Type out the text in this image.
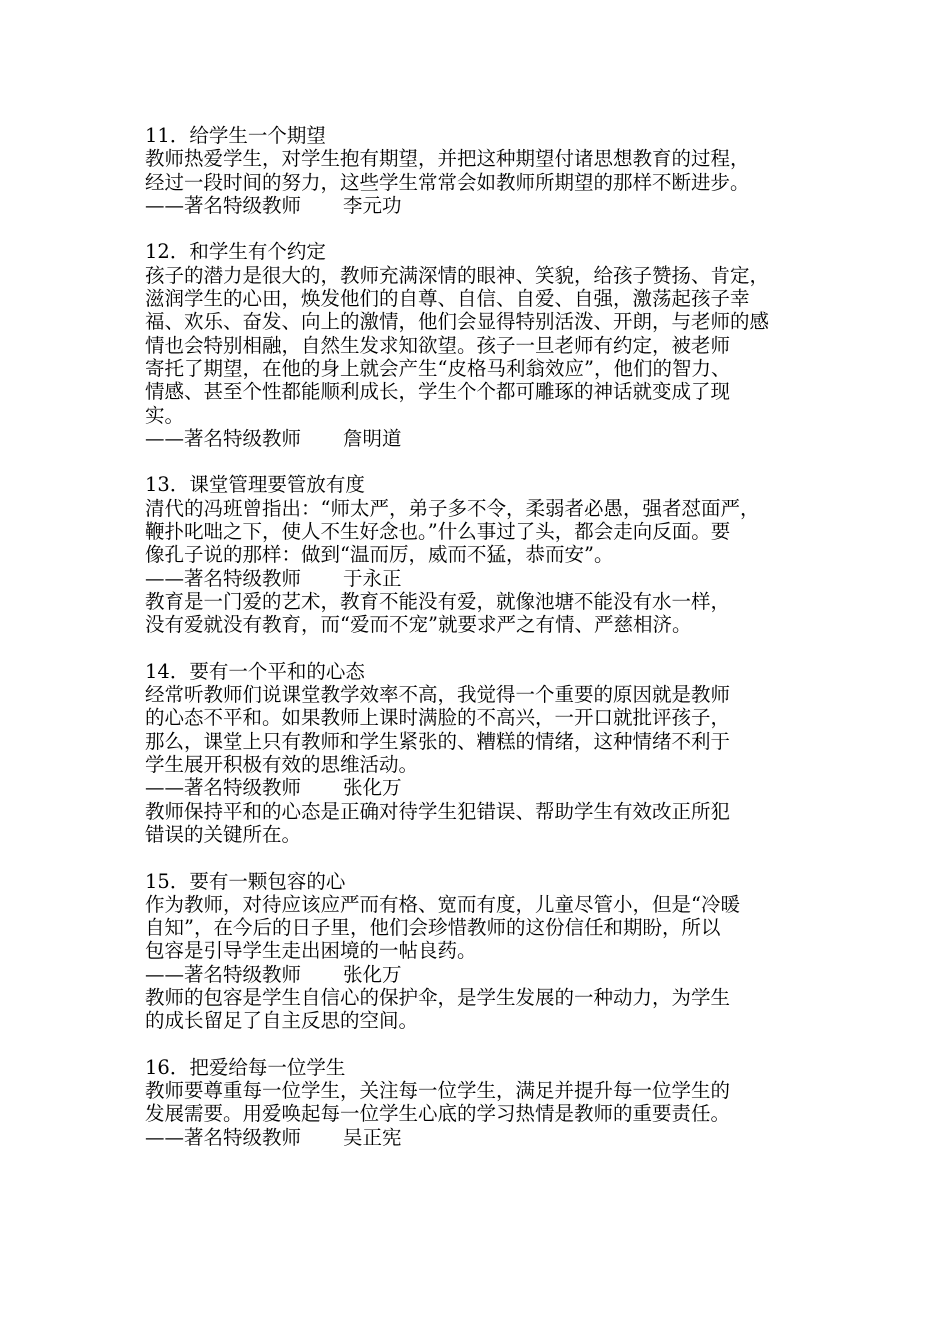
11．给学生一个期望
教师热爱学生，对学生抱有期望，并把这种期望付诸思想教育的过程，
经过一段时间的努力，这些学生常常会如教师所期望的那样不断进步。
——著名特级教师 李元功
12．和学生有个约定
孩子的潜力是很大的，教师充满深情的眼神、笑貌，给孩子赞扬、肯定，
滋润学生的心田，焕发他们的自尊、自信、自爱、自强，激荡起孩子幸
福、欢乐、奋发、向上的激情，他们会显得特别活泼、开朗，与老师的感
情也会特别相融，自然生发求知欲望。孩子一旦老师有约定，被老师
寄托了期望，在他的身上就会产生“皮格马利翁效应”，他们的智力、
情感、甚至个性都能顺利成长，学生个个都可雕琢的神话就变成了现
实。
——著名特级教师 詹明道
13．课堂管理要管放有度
清代的冯班曾指出：“师太严，弟子多不令，柔弱者必愚，强者怼面严，
鞭扑叱咄之下，使人不生好念也。”什么事过了头，都会走向反面。要
像孔子说的那样：做到“温而厉，威而不猛，恭而安”。
——著名特级教师 于永正
教育是一门爱的艺术，教育不能没有爱，就像池塘不能没有水一样，
没有爱就没有教育，而“爱而不宠”就要求严之有情、严慈相济。
14．要有一个平和的心态
经常听教师们说课堂教学效率不高，我觉得一个重要的原因就是教师
的心态不平和。如果教师上课时满脸的不高兴，一开口就批评孩子，
那么，课堂上只有教师和学生紧张的、糟糕的情绪，这种情绪不利于
学生展开积极有效的思维活动。
——著名特级教师 张化万
教师保持平和的心态是正确对待学生犯错误、帮助学生有效改正所犯
错误的关键所在。
15．要有一颗包容的心
作为教师，对待应该应严而有格、宽而有度，儿童尽管小，但是“冷暖
自知”，在今后的日子里，他们会珍惜教师的这份信任和期盼，所以
包容是引导学生走出困境的一帖良药。
——著名特级教师 张化万
教师的包容是学生自信心的保护伞，是学生发展的一种动力，为学生
的成长留足了自主反思的空间。
16．把爱给每一位学生
教师要尊重每一位学生，关注每一位学生，满足并提升每一位学生的
发展需要。用爱唤起每一位学生心底的学习热情是教师的重要责任。
——著名特级教师 吴正宪
